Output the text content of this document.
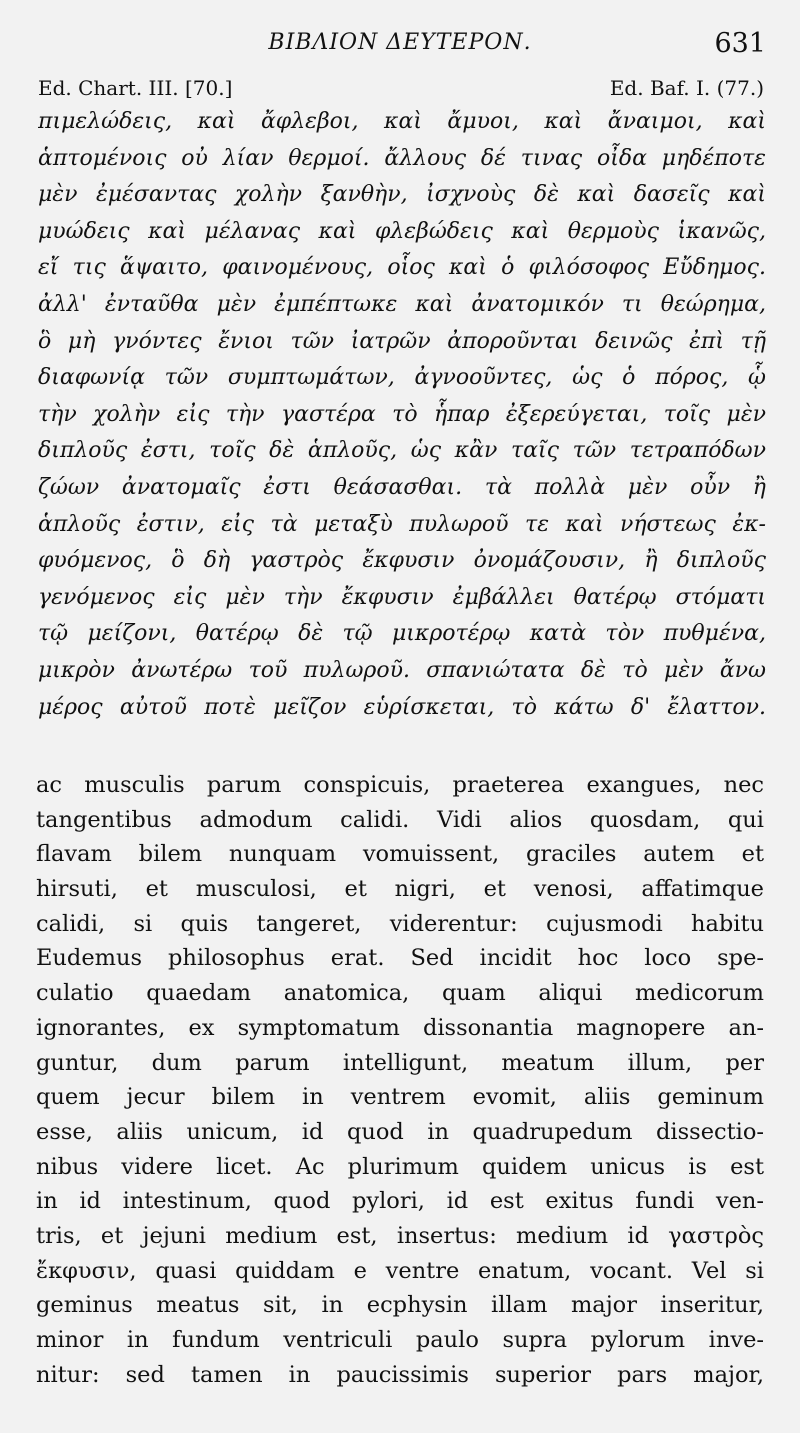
BIBΛΙΟΝ ΔΕΥΤΕΡΟΝ.	631
Ed. Chart. III. [70.]	Ed. Baf. I. (77.)
πιμελώδεις, καὶ ἄφλεβοι, καὶ ἄμυοι, καὶ ἄναιμοι, καὶ
ἁπτομένοις οὐ λίαν θερμοί. ἄλλους δέ τινας οἶδα μηδέποτε
μὲν ἐμέσαντας χολὴν ξανθὴν, ἰσχνοὺς δὲ καὶ δασεῖς καὶ
μυώδεις καὶ μέλανας καὶ φλεβώδεις καὶ θερμοὺς ἱκανῶς,
εἴ τις ἅψαιτο, φαινομένους, οἷος καὶ ὁ φιλόσοφος Εὔδημος.
ἀλλ' ἐνταῦθα μὲν ἐμπέπτωκε καὶ ἀνατομικόν τι θεώρημα,
ὃ μὴ γνόντες ἔνιοι τῶν ἰατρῶν ἀποροῦνται δεινῶς ἐπὶ τῇ
διαφωνίᾳ τῶν συμπτωμάτων, ἀγνοοῦντες, ὡς ὁ πόρος, ᾧ
τὴν χολὴν εἰς τὴν γαστέρα τὸ ἧπαρ ἐξερεύγεται, τοῖς μὲν
διπλοῦς ἐστι, τοῖς δὲ ἁπλοῦς, ὡς κἂν ταῖς τῶν τετραπόδων
ζώων ἀνατομαῖς ἐστι θεάσασθαι. τὰ πολλὰ μὲν οὖν ἢ
ἁπλοῦς ἐστιν, εἰς τὰ μεταξὺ πυλωροῦ τε καὶ νήστεως ἐκ-
φυόμενος, ὃ δὴ γαστρὸς ἔκφυσιν ὀνομάζουσιν, ἢ διπλοῦς
γενόμενος εἰς μὲν τὴν ἔκφυσιν ἐμβάλλει θατέρῳ στόματι
τῷ μείζονι, θατέρῳ δὲ τῷ μικροτέρῳ κατὰ τὸν πυθμένα,
μικρὸν ἀνωτέρω τοῦ πυλωροῦ. σπανιώτατα δὲ τὸ μὲν ἄνω
μέρος αὐτοῦ ποτὲ μεῖζον εὑρίσκεται, τὸ κάτω δ' ἔλαττον.
ac musculis parum conspicuis, praeterea exangues, nec
tangentibus admodum calidi. Vidi alios quosdam, qui
flavam bilem nunquam vomuissent, graciles autem et
hirsuti, et musculosi, et nigri, et venosi, affatimque
calidi, si quis tangeret, viderentur: cujusmodi habitu
Eudemus philosophus erat. Sed incidit hoc loco spe-
culatio quaedam anatomica, quam aliqui medicorum
ignorantes, ex symptomatum dissonantia magnopere an-
guntur, dum parum intelligunt, meatum illum, per
quem jecur bilem in ventrem evomit, aliis geminum
esse, aliis unicum, id quod in quadrupedum dissectio-
nibus videre licet. Ac plurimum quidem unicus is est
in id intestinum, quod pylori, id est exitus fundi ven-
tris, et jejuni medium est, insertus: medium id γαστρὸς
ἔκφυσιν, quasi quiddam e ventre enatum, vocant. Vel si
geminus meatus sit, in ecphysin illam major inseritur,
minor in fundum ventriculi paulo supra pylorum inve-
nitur: sed tamen in paucissimis superior pars major,
